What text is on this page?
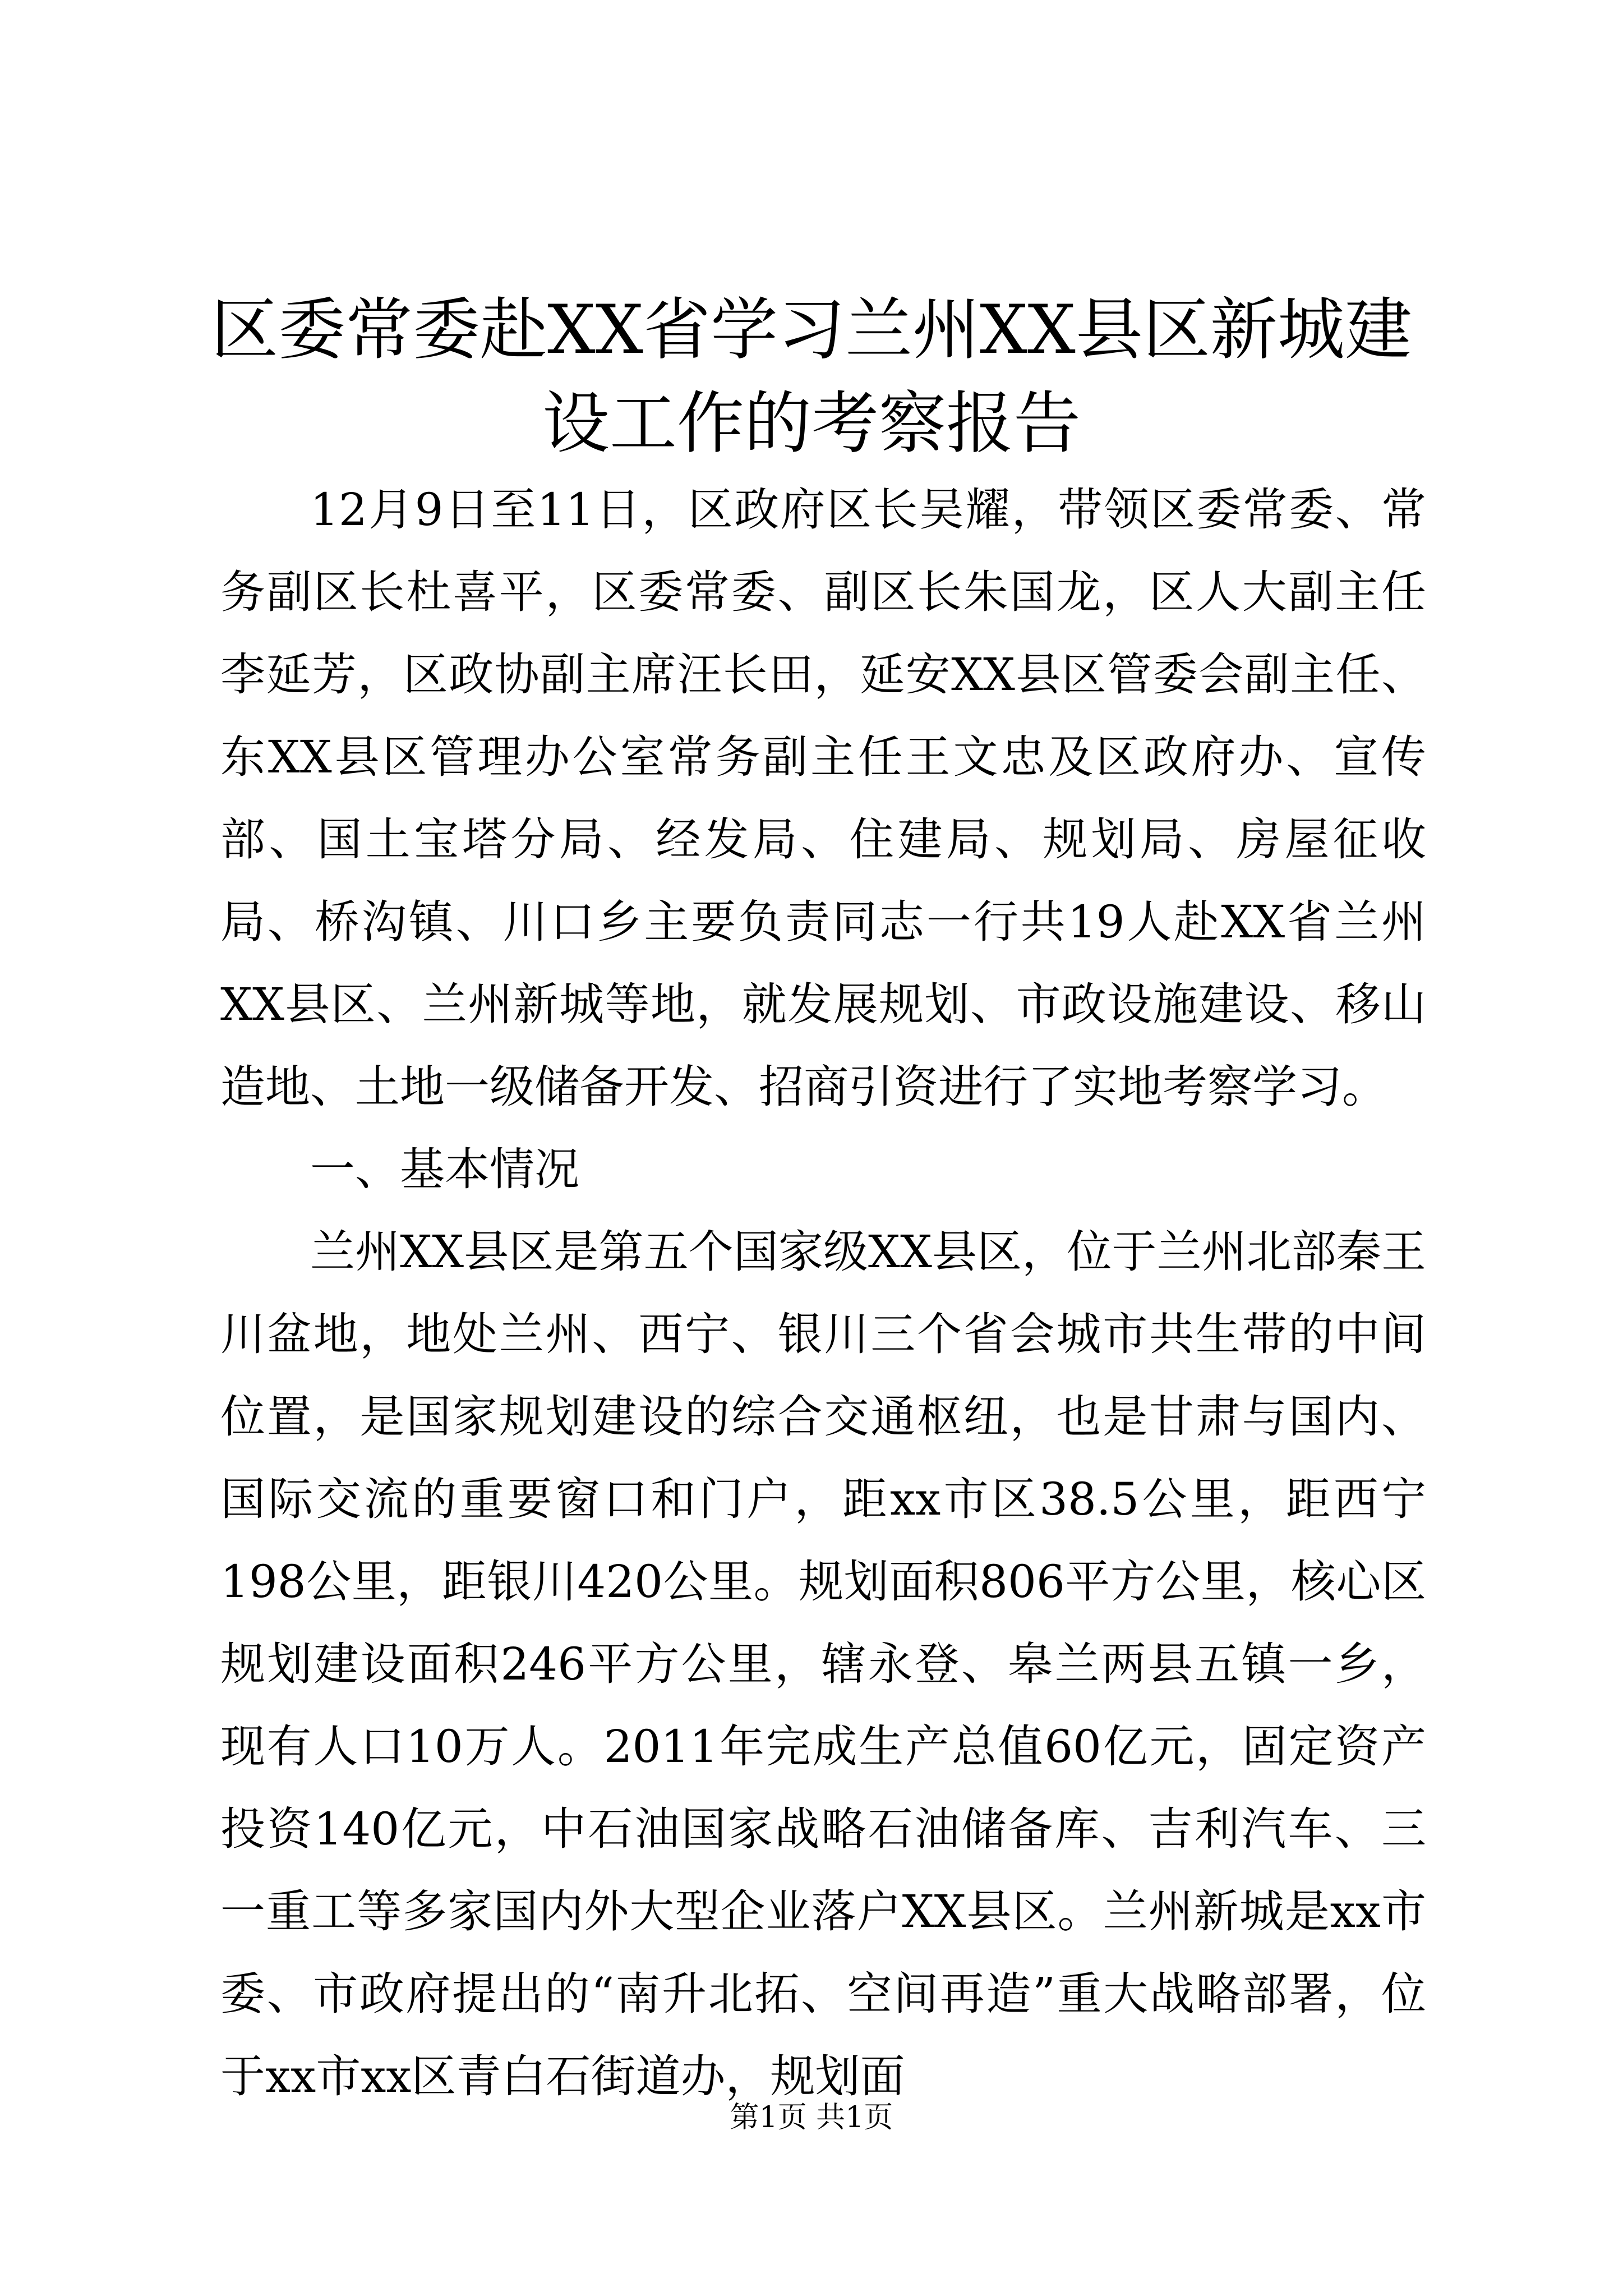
区委常委赴XX省学习兰州XX县区新城建设工作的考察报告

12月9日至11日，区政府区长吴耀，带领区委常委、常务副区长杜喜平，区委常委、副区长朱国龙，区人大副主任李延芳，区政协副主席汪长田，延安XX县区管委会副主任、东XX县区管理办公室常务副主任王文忠及区政府办、宣传部、国土宝塔分局、经发局、住建局、规划局、房屋征收局、桥沟镇、川口乡主要负责同志一行共19人赴XX省兰州XX县区、兰州新城等地，就发展规划、市政设施建设、移山造地、土地一级储备开发、招商引资进行了实地考察学习。

一、基本情况

兰州XX县区是第五个国家级XX县区，位于兰州北部秦王川盆地，地处兰州、西宁、银川三个省会城市共生带的中间位置，是国家规划建设的综合交通枢纽，也是甘肃与国内、国际交流的重要窗口和门户，距xx市区38.5公里，距西宁198公里，距银川420公里。规划面积806平方公里，核心区规划建设面积246平方公里，辖永登、皋兰两县五镇一乡，现有人口10万人。2011年完成生产总值60亿元，固定资产投资140亿元，中石油国家战略石油储备库、吉利汽车、三一重工等多家国内外大型企业落户XX县区。兰州新城是xx市委、市政府提出的“南升北拓、空间再造”重大战略部署，位于xx市xx区青白石街道办，规划面

第1页 共1页
